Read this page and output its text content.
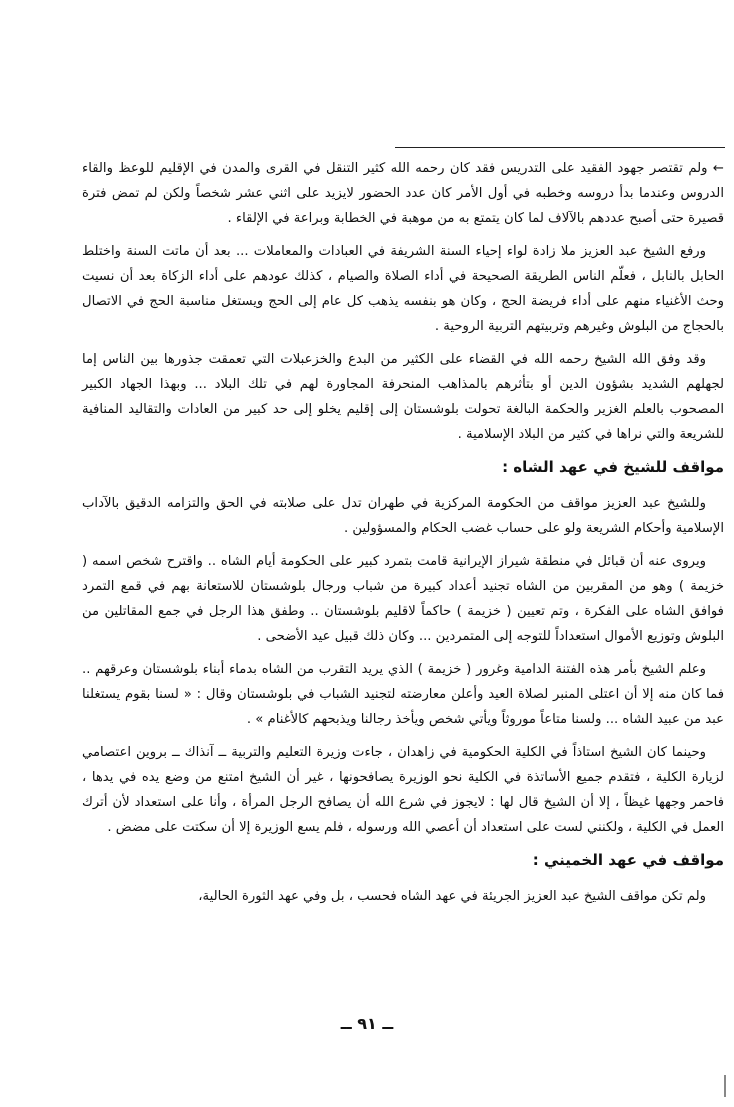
← ولم تقتصر جهود الفقيد على التدريس فقد كان رحمه الله كثير التنقل في القرى والمدن في الإقليم للوعظ والقاء الدروس وعندما بدأ دروسه وخطبه في أول الأمر كان عدد الحضور لايزيد على اثني عشر شخصاً ولكن لم تمض فترة قصيرة حتى أصبح عددهم بالآلاف لما كان يتمتع به من موهبة في الخطابة وبراعة في الإلقاء .

ورفع الشيخ عبد العزيز ملا زادة لواء إحياء السنة الشريفة في العبادات والمعاملات ... بعد أن ماتت السنة واختلط الحابل بالنابل ، فعلّم الناس الطريقة الصحيحة في أداء الصلاة والصيام ، كذلك عودهم على أداء الزكاة بعد أن نسيت وحث الأغنياء منهم على أداء فريضة الحج ، وكان هو بنفسه يذهب كل عام إلى الحج ويستغل مناسبة الحج في الاتصال بالحجاج من البلوش وغيرهم وتربيتهم التربية الروحية .

وقد وفق الله الشيخ رحمه الله في القضاء على الكثير من البدع والخزعبلات التي تعمقت جذورها بين الناس إما لجهلهم الشديد بشؤون الدين أو بتأثرهم بالمذاهب المنحرفة المجاورة لهم في تلك البلاد ... وبهذا الجهاد الكبير المصحوب بالعلم الغزير والحكمة البالغة تحولت بلوشستان إلى إقليم يخلو إلى حد كبير من العادات والتقاليد المنافية للشريعة والتي نراها في كثير من البلاد الإسلامية .

مواقف للشيخ في عهد الشاه :

وللشيخ عبد العزيز مواقف من الحكومة المركزية في طهران تدل على صلابته في الحق والتزامه الدقيق بالآداب الإسلامية وأحكام الشريعة ولو على حساب غضب الحكام والمسؤولين .

ويروى عنه أن قبائل في منطقة شيراز الإيرانية قامت بتمرد كبير على الحكومة أيام الشاه .. واقترح شخص اسمه ( خزيمة ) وهو من المقربين من الشاه تجنيد أعداد كبيرة من شباب ورجال بلوشستان للاستعانة بهم في قمع التمرد فوافق الشاه على الفكرة ، وتم تعيين ( خزيمة ) حاكماً لاقليم بلوشستان .. وطفق هذا الرجل في جمع المقاتلين من البلوش وتوزيع الأموال استعداداً للتوجه إلى المتمردين ... وكان ذلك قبيل عيد الأضحى .

وعلم الشيخ بأمر هذه الفتنة الدامية وغرور ( خزيمة ) الذي يريد التقرب من الشاه بدماء أبناء بلوشستان وعرقهم .. فما كان منه إلا أن اعتلى المنبر لصلاة العيد وأعلن معارضته لتجنيد الشباب في بلوشستان وقال : « لسنا بقوم يستغلنا عبد من عبيد الشاه ... ولسنا متاعاً موروثاً ويأتي شخص ويأخذ رجالنا ويذبحهم كالأغنام » .

وحينما كان الشيخ استاذاً في الكلية الحكومية في زاهدان ، جاءت وزيرة التعليم والتربية ــ آنذاك ــ بروين اعتصامي لزيارة الكلية ، فتقدم جميع الأساتذة في الكلية نحو الوزيرة يصافحونها ، غير أن الشيخ امتنع من وضع يده في يدها ، فاحمر وجهها غيظاً ، إلا أن الشيخ قال لها : لايجوز في شرع الله أن يصافح الرجل المرأة ، وأنا على استعداد لأن أترك العمل في الكلية ، ولكنني لست على استعداد أن أعصي الله ورسوله ، فلم يسع الوزيرة إلا أن سكتت على مضض .

مواقف في عهد الخميني :

ولم تكن مواقف الشيخ عبد العزيز الجريئة في عهد الشاه فحسب ، بل وفي عهد الثورة الحالية،

ــ ٩١ ــ
